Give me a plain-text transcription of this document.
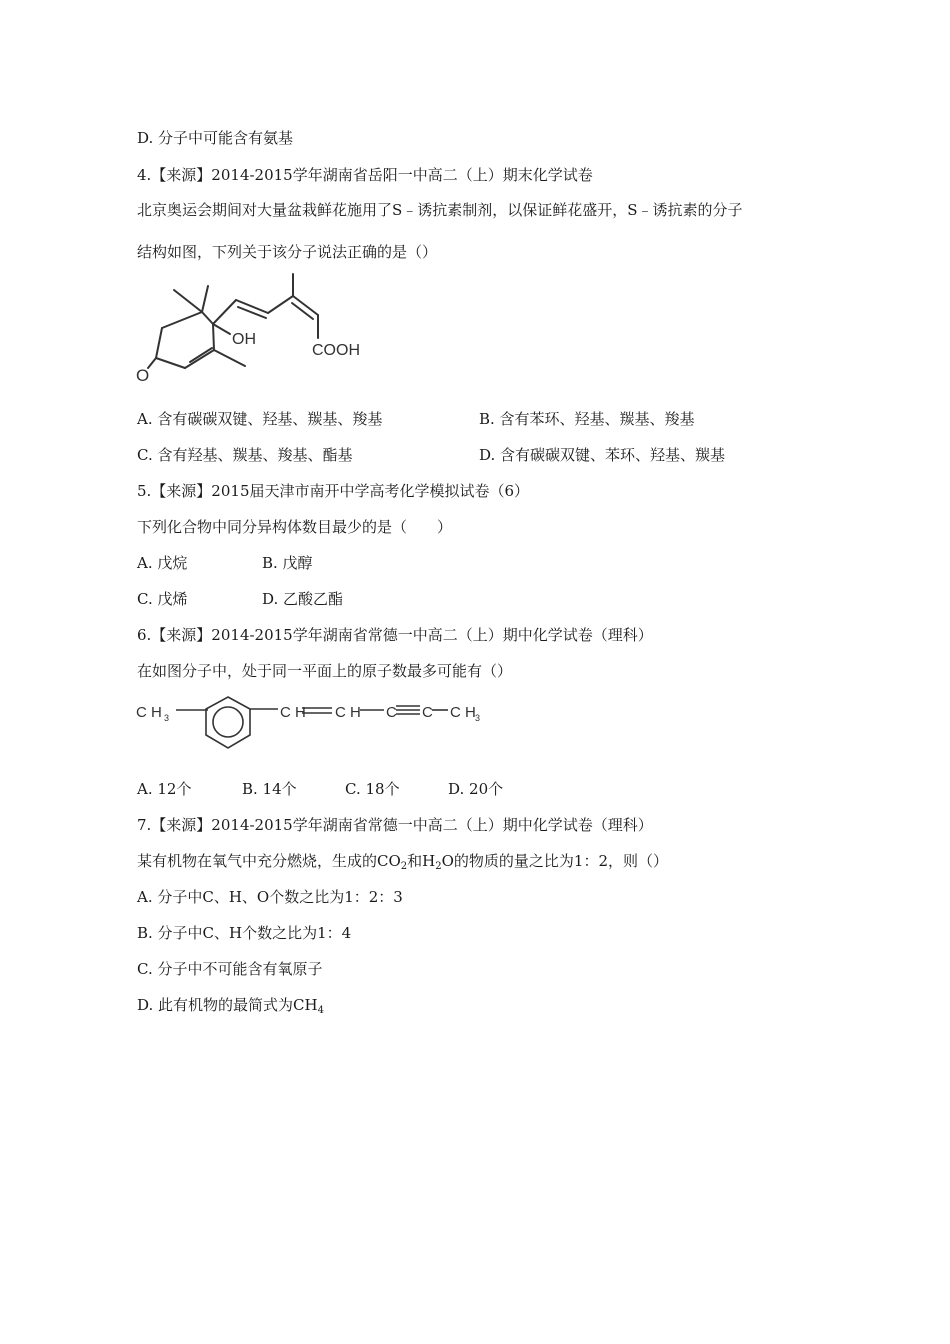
D. 分子中可能含有氨基
4.【来源】2014-2015学年湖南省岳阳一中高二（上）期末化学试卷
北京奥运会期间对大量盆栽鲜花施用了S﹣诱抗素制剂，以保证鲜花盛开，S﹣诱抗素的分子
结构如图，下列关于该分子说法正确的是（）
OH
COOH
O
A. 含有碳碳双键、羟基、羰基、羧基	B. 含有苯环、羟基、羰基、羧基
C. 含有羟基、羰基、羧基、酯基	D. 含有碳碳双键、苯环、羟基、羰基
5.【来源】2015届天津市南开中学高考化学模拟试卷（6）
下列化合物中同分异构体数目最少的是（　　）
A. 戊烷	B. 戊醇
C. 戊烯	D. 乙酸乙酯
6.【来源】2014-2015学年湖南省常德一中高二（上）期中化学试卷（理科）
在如图分子中，处于同一平面上的原子数最多可能有（）
C H 3	C H C H C C C H 3
A. 12个	B. 14个	C. 18个	D. 20个
7.【来源】2014-2015学年湖南省常德一中高二（上）期中化学试卷（理科）
某有机物在氧气中充分燃烧，生成的$CO_2$和$H_2O$的物质的量之比为1：2，则（）
A. 分子中C、H、O个数之比为1：2：3
B. 分子中C、H个数之比为1：4
C. 分子中不可能含有氧原子
D. 此有机物的最简式为$CH_4$
